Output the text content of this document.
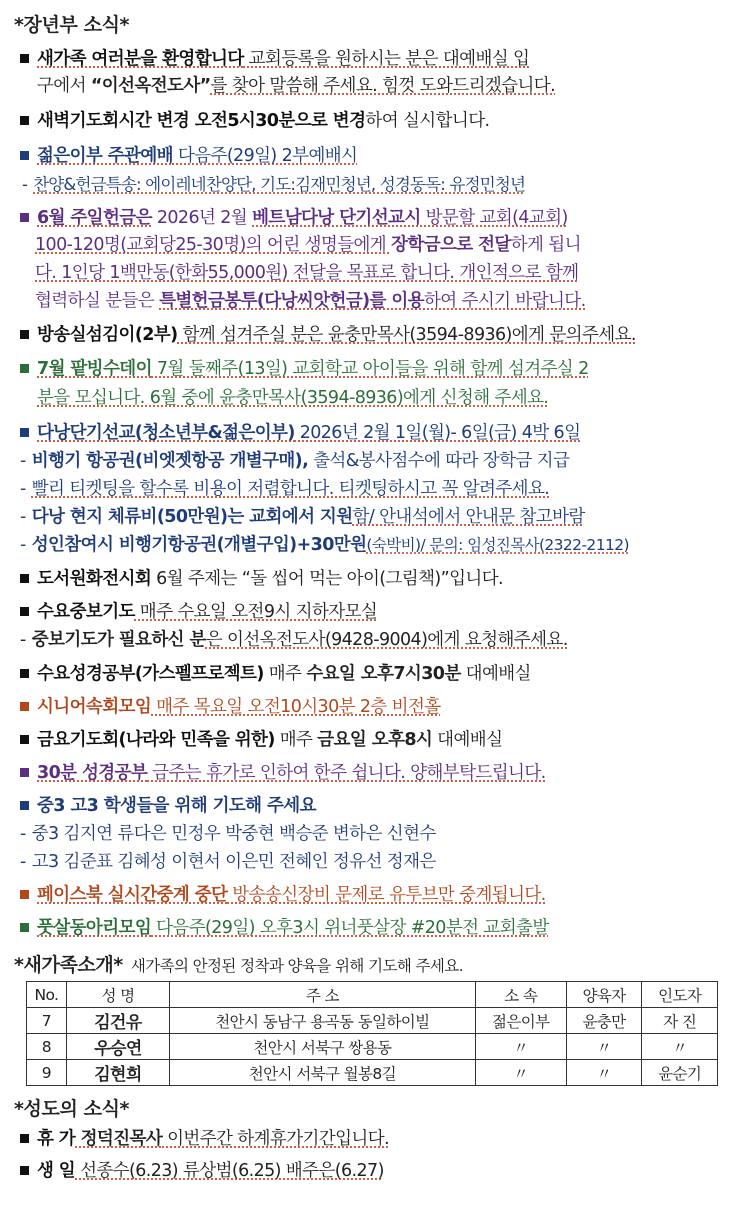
*장년부 소식*
새가족 여러분을 환영합니다 교회등록을 원하시는 분은 대예배실 입
구에서 “이선옥전도사”를 찾아 말씀해 주세요. 힘껏 도와드리겠습니다.
새벽기도회시간 변경 오전5시30분으로 변경하여 실시합니다.
젊은이부 주관예배 다음주(29일) 2부예배시
- 찬양&헌금특송: 에이레네찬양단, 기도:김재민청년, 성경동독: 유정민청년
6월 주일헌금은 2026년 2월 베트남다낭 단기선교시 방문할 교회(4교회)
100-120명(교회당25-30명)의 어린 생명들에게 장학금으로 전달하게 됩니
다. 1인당 1백만동(한화55,000원) 전달을 목표로 합니다. 개인적으로 함께
협력하실 분들은 특별헌금봉투(다낭씨앗헌금)를 이용하여 주시기 바랍니다.
방송실섬김이(2부) 함께 섬겨주실 분은 윤충만목사(3594-8936)에게 문의주세요.
7월 팥빙수데이 7월 둘째주(13일) 교회학교 아이들을 위해 함께 섬겨주실 2
분을 모십니다. 6월 중에 윤충만목사(3594-8936)에게 신청해 주세요.
다낭단기선교(청소년부&젊은이부) 2026년 2월 1일(월)- 6일(금) 4박 6일
- 비행기 항공권(비엣젯항공 개별구매), 출석&봉사점수에 따라 장학금 지급
- 빨리 티켓팅을 할수록 비용이 저렴합니다. 티켓팅하시고 꼭 알려주세요.
- 다낭 현지 체류비(50만원)는 교회에서 지원함/ 안내석에서 안내문 참고바람
- 성인참여시 비행기항공권(개별구입)+30만원(숙박비)/ 문의: 임성진목사(2322-2112)
도서원화전시회 6월 주제는 “돌 씹어 먹는 아이(그림책)”입니다.
수요중보기도 매주 수요일 오전9시 지하자모실
- 중보기도가 필요하신 분은 이선옥전도사(9428-9004)에게 요청해주세요.
수요성경공부(가스펠프로젝트) 매주 수요일 오후7시30분 대예배실
시니어속회모임 매주 목요일 오전10시30분 2층 비전홀
금요기도회(나라와 민족을 위한) 매주 금요일 오후8시 대예배실
30분 성경공부 금주는 휴가로 인하여 한주 쉽니다. 양해부탁드립니다.
중3 고3 학생들을 위해 기도해 주세요
- 중3 김지연 류다은 민정우 박중현 백승준 변하은 신현수
- 고3 김준표 김혜성 이현서 이은민 전혜인 정유선 정재은
페이스북 실시간중계 중단 방송송신장비 문제로 유투브만 중계됩니다.
풋살동아리모임 다음주(29일) 오후3시 위너풋살장 #20분전 교회출발
*새가족소개* 새가족의 안정된 정착과 양육을 위해 기도해 주세요.
No.	성 명	주 소	소 속	양육자	인도자
7	김건유	천안시 동남구 용곡동 동일하이빌	젊은이부	윤충만	자 진
8	우승연	천안시 서북구 쌍용동	〃	〃	〃
9	김현희	천안시 서북구 월봉8길	〃	〃	윤순기
*성도의 소식*
휴 가 정덕진목사 이번주간 하계휴가기간입니다.
생 일 선종수(6.23) 류상범(6.25) 배주은(6.27)
